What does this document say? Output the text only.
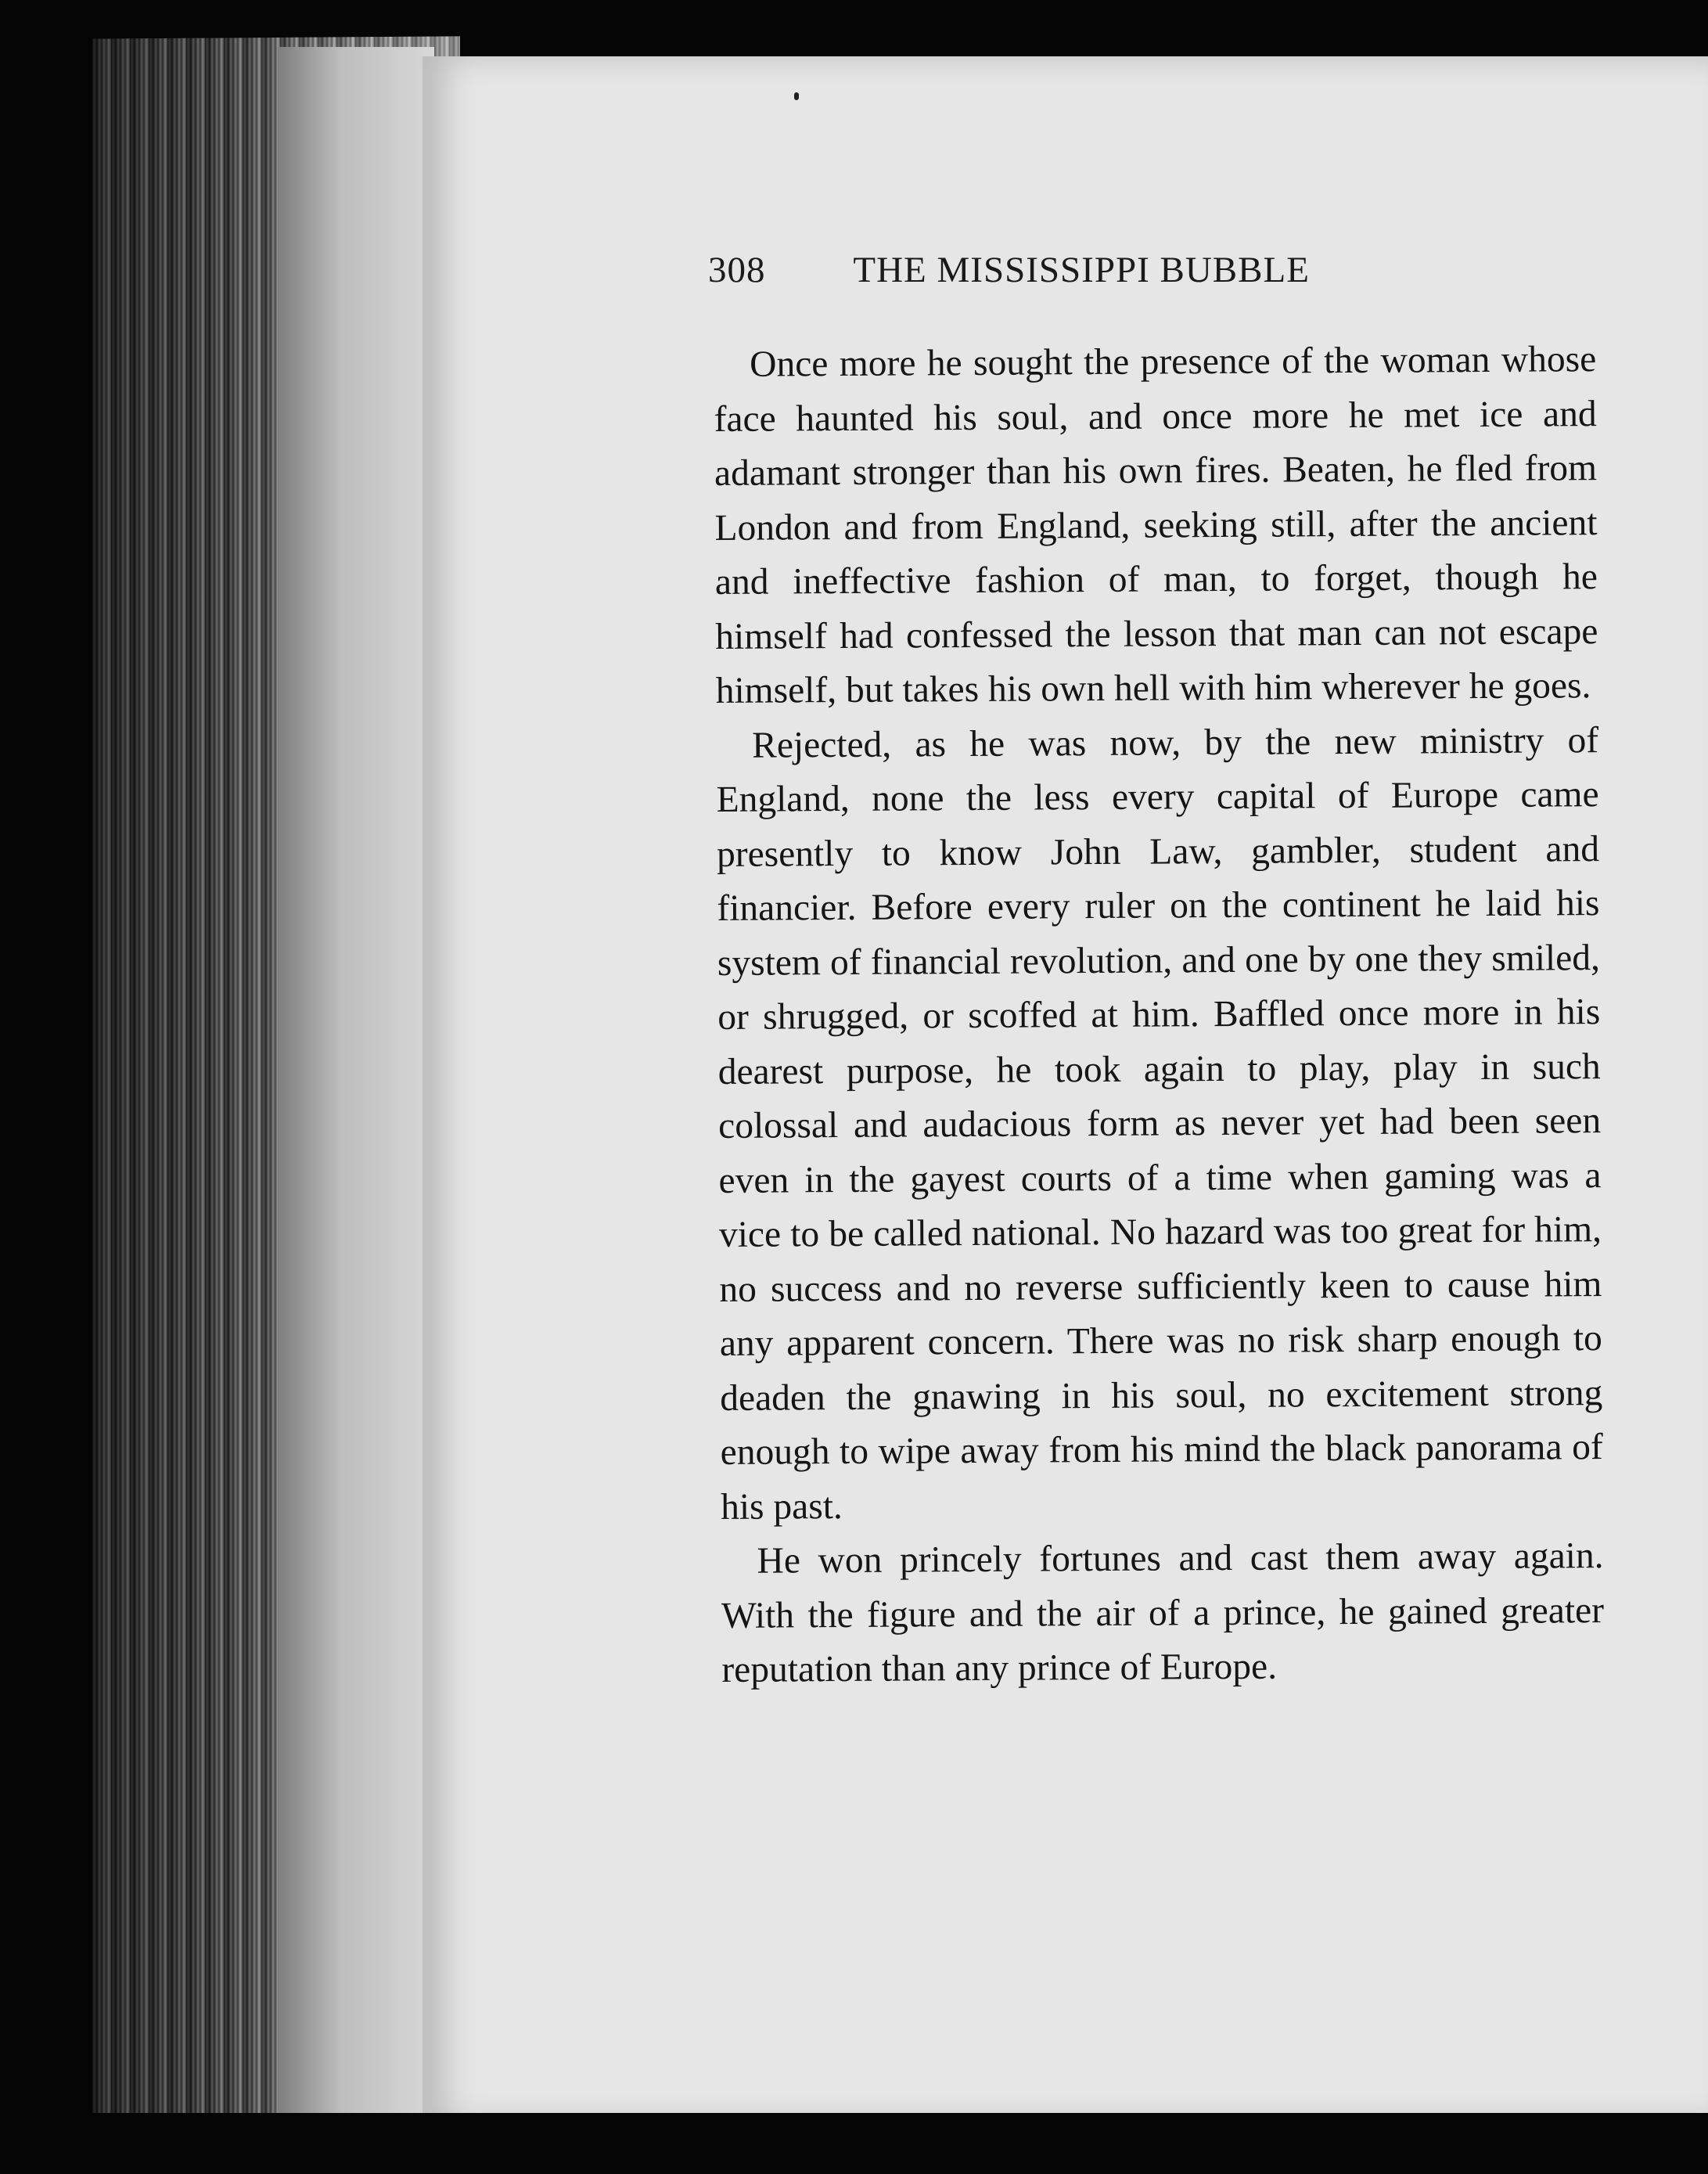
308 THE MISSISSIPPI BUBBLE

Once more he sought the presence of the woman whose face haunted his soul, and once more he met ice and adamant stronger than his own fires. Beaten, he fled from London and from England, seeking still, after the ancient and ineffective fashion of man, to forget, though he himself had confessed the lesson that man can not escape himself, but takes his own hell with him wherever he goes.

Rejected, as he was now, by the new ministry of England, none the less every capital of Europe came presently to know John Law, gambler, student and financier. Before every ruler on the continent he laid his system of financial revolution, and one by one they smiled, or shrugged, or scoffed at him. Baffled once more in his dearest purpose, he took again to play, play in such colossal and audacious form as never yet had been seen even in the gayest courts of a time when gaming was a vice to be called national. No hazard was too great for him, no success and no reverse sufficiently keen to cause him any apparent concern. There was no risk sharp enough to deaden the gnawing in his soul, no excitement strong enough to wipe away from his mind the black panorama of his past.

He won princely fortunes and cast them away again. With the figure and the air of a prince, he gained greater reputation than any prince of Europe.
